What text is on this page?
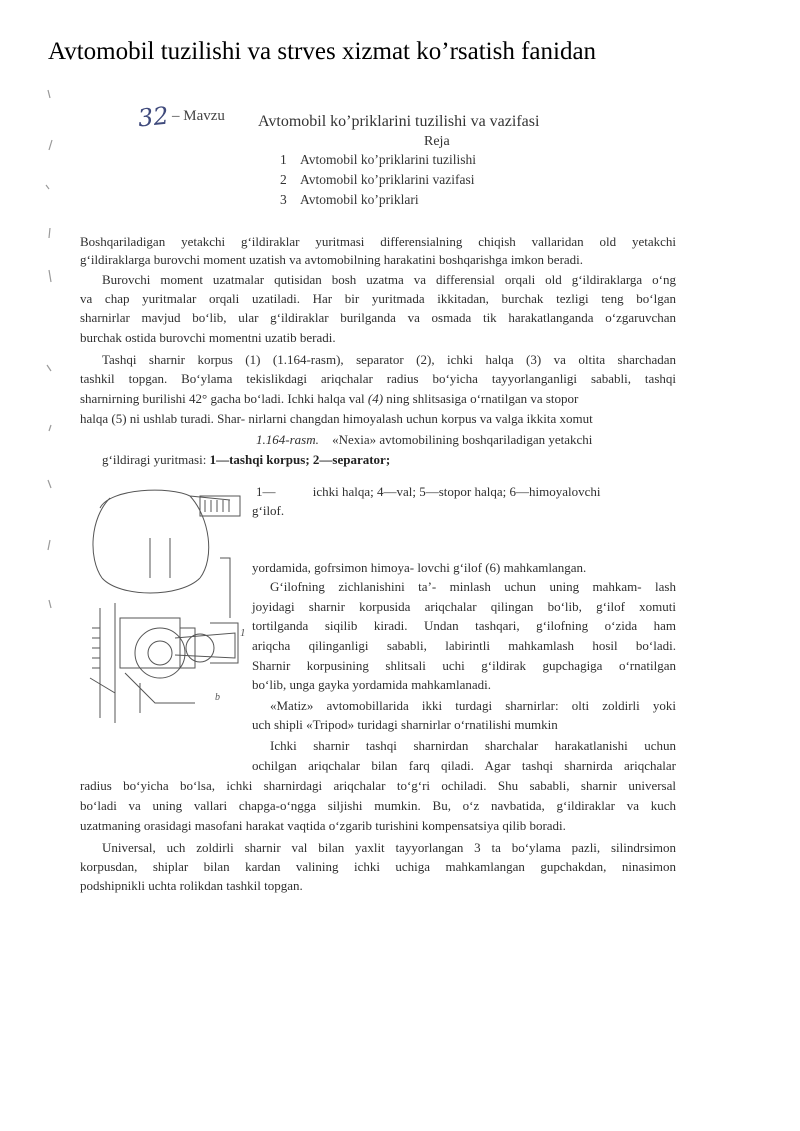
Avtomobil tuzilishi va strves xizmat ko’rsatish fanidan
32 – Mavzu Avtomobil ko’priklarini tuzilishi va vazifasi
Reja
1 Avtomobil ko’priklarini tuzilishi
2 Avtomobil ko’priklarini vazifasi
3 Avtomobil ko’priklari
Boshqariladigan yetakchi g‘ildiraklar yuritmasi differensialning chiqish vallaridan old yetakchi
g‘ildiraklarga burovchi moment uzatish va avtomobilning harakatini boshqarishga imkon beradi.
Burovchi moment uzatmalar qutisidan bosh uzatma va differensial orqali old g‘ildiraklarga o‘ng
va chap yuritmalar orqali uzatiladi. Har bir yuritmada ikkitadan, burchak tezligi teng bo‘lgan
sharnirlar mavjud bo‘lib, ular g‘ildiraklar burilganda va osmada tik harakatlanganda o‘zgaruvchan
burchak ostida burovchi momentni uzatib beradi.
Tashqi sharnir korpus (1) (1.164-rasm), separator (2), ichki halqa (3) va oltita sharchadan
tashkil topgan. Bo‘ylama tekislikdagi ariqchalar radius bo‘yicha tayyorlanganligi sababli, tashqi
sharnirning burilishi 42° gacha bo‘ladi. Ichki halqa val (4) ning shlitsasiga o‘rnatilgan va stopor
halqa (5) ni ushlab turadi. Shar- nirlarni changdan himoyalash uchun korpus va valga ikkita xomut
1.164-rasm. «Nexia» avtomobilining boshqariladigan yetakchi
g‘ildiragi yuritmasi: 1—tashqi korpus; 2—separator;
1—	ichki halqa; 4—val; 5—stopor halqa; 6—himoyalovchi
g‘ilof.
1
b
yordamida, gofrsimon himoya- lovchi g‘ilof (6) mahkamlangan.
G‘ilofning zichlanishini ta’- minlash uchun uning mahkam- lash
joyidagi sharnir korpusida ariqchalar qilingan bo‘lib, g‘ilof xomuti
tortilganda siqilib kiradi. Undan tashqari, g‘ilofning o‘zida ham
ariqcha qilinganligi sababli, labirintli mahkamlash hosil bo‘ladi.
Sharnir korpusining shlitsali uchi g‘ildirak gupchagiga o‘rnatilgan
bo‘lib, unga gayka yordamida mahkamlanadi.
«Matiz» avtomobillarida ikki turdagi sharnirlar: olti zoldirli yoki
uch shipli «Tripod» turidagi sharnirlar o‘rnatilishi mumkin
Ichki sharnir tashqi sharnirdan sharchalar harakatlanishi uchun
ochilgan ariqchalar bilan farq qiladi. Agar tashqi sharnirda ariqchalar
radius bo‘yicha bo‘lsa, ichki sharnirdagi ariqchalar to‘g‘ri ochiladi. Shu sababli, sharnir universal
bo‘ladi va uning vallari chapga-o‘ngga siljishi mumkin. Bu, o‘z navbatida, g‘ildiraklar va kuch
uzatmaning orasidagi masofani harakat vaqtida o‘zgarib turishini kompensatsiya qilib boradi.
Universal, uch zoldirli sharnir val bilan yaxlit tayyorlangan 3 ta bo‘ylama pazli, silindrsimon
korpusdan, shiplar bilan kardan valining ichki uchiga mahkamlangan gupchakdan, ninasimon
podshipnikli uchta rolikdan tashkil topgan.
